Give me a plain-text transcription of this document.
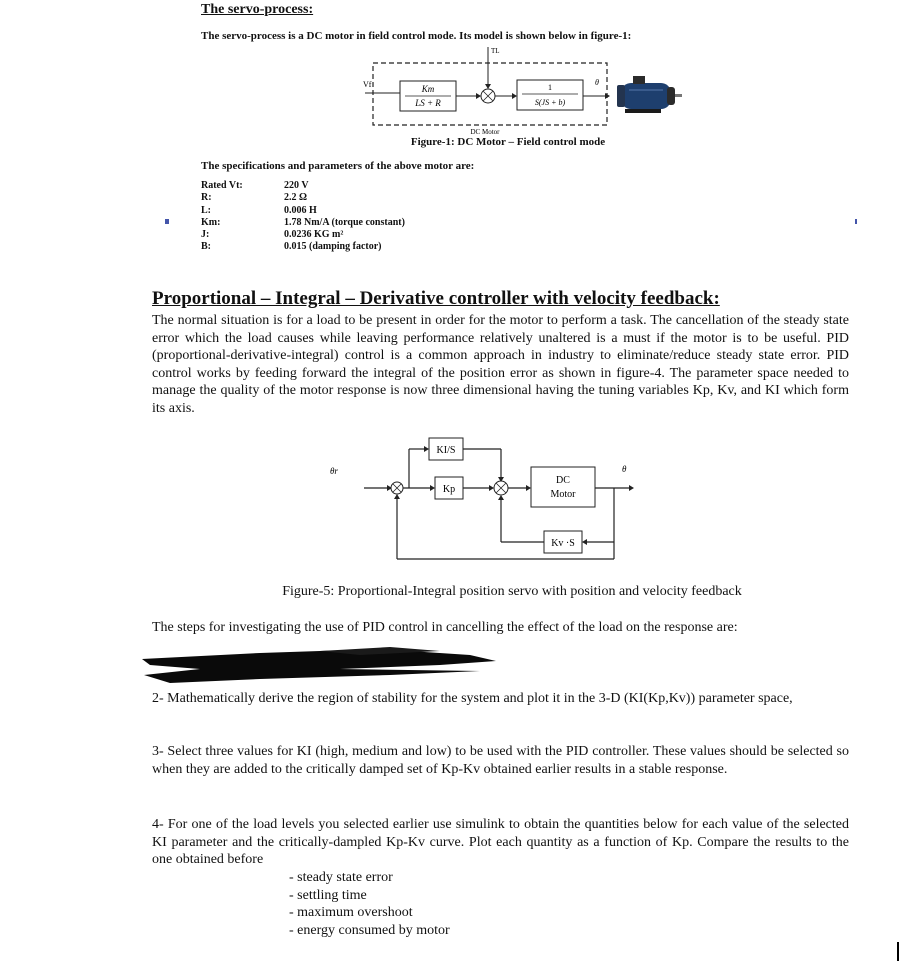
The servo-process:
The servo-process is a DC motor in field control mode. Its model is shown below in figure-1:
Vf	Km
LS + R
TL
1
S(JS + b)
θ
DC Motor
Figure-1: DC Motor – Field control mode
The specifications and parameters of the above motor are:
Rated Vt:	220 V
R:	2.2 Ω
L:	0.006 H
Km:	1.78 Nm/A (torque constant)
J:	0.0236 KG m²
B:	0.015 (damping factor)
Proportional – Integral – Derivative controller with velocity feedback:
The normal situation is for a load to be present in order for the motor to perform a task. The cancellation of the steady state error which the load causes while leaving performance relatively unaltered is a must if the motor is to be useful. PID (proportional-derivative-integral) control is a common approach in industry to eliminate/reduce steady state error. PID control works by feeding forward the integral of the position error as shown in figure-4. The parameter space needed to manage the quality of the motor response is now three dimensional having the tuning variables Kp, Kv, and KI which form its axis.
θr
KI/S
Kp
DC
Motor
θ
Kv ·S
Figure-5: Proportional-Integral position servo with position and velocity feedback
The steps for investigating the use of PID control in cancelling the effect of the load on the response are:
2- Mathematically derive the region of stability for the system and plot it in the 3-D (KI(Kp,Kv)) parameter space,
3- Select three values for KI (high, medium and low) to be used with the PID controller. These values should be selected so when they are added to the critically damped set of Kp-Kv obtained earlier results in a stable response.
4- For one of the load levels you selected earlier use simulink to obtain the quantities below for each value of the selected KI parameter and the critically-dampled Kp-Kv curve. Plot each quantity as a function of Kp. Compare the results to the one obtained before
- steady state error
- settling time
- maximum overshoot
- energy consumed by motor
